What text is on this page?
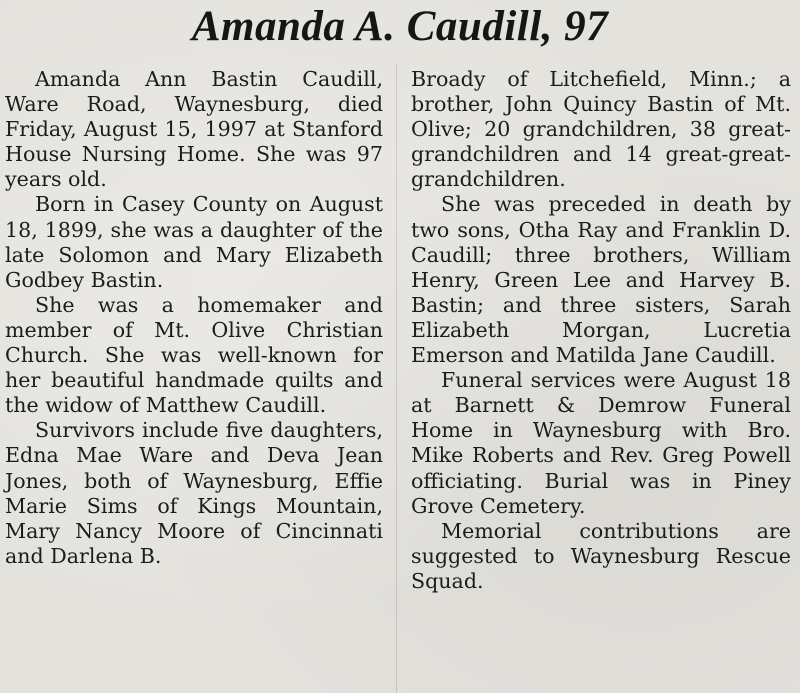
Amanda A. Caudill, 97

Amanda Ann Bastin Caudill, Ware Road, Waynesburg, died Friday, August 15, 1997 at Stanford House Nursing Home. She was 97 years old.

Born in Casey County on August 18, 1899, she was a daughter of the late Solomon and Mary Elizabeth Godbey Bastin.

She was a homemaker and member of Mt. Olive Christian Church. She was well-known for her beautiful handmade quilts and the widow of Matthew Caudill.

Survivors include five daughters, Edna Mae Ware and Deva Jean Jones, both of Waynesburg, Effie Marie Sims of Kings Mountain, Mary Nancy Moore of Cincinnati and Darlena B.

Broady of Litchefield, Minn.; a brother, John Quincy Bastin of Mt. Olive; 20 grandchildren, 38 great-grandchildren and 14 great-great-grandchildren.

She was preceded in death by two sons, Otha Ray and Franklin D. Caudill; three brothers, William Henry, Green Lee and Harvey B. Bastin; and three sisters, Sarah Elizabeth Morgan, Lucretia Emerson and Matilda Jane Caudill.

Funeral services were August 18 at Barnett & Demrow Funeral Home in Waynesburg with Bro. Mike Roberts and Rev. Greg Powell officiating. Burial was in Piney Grove Cemetery.

Memorial contributions are suggested to Waynesburg Rescue Squad.
